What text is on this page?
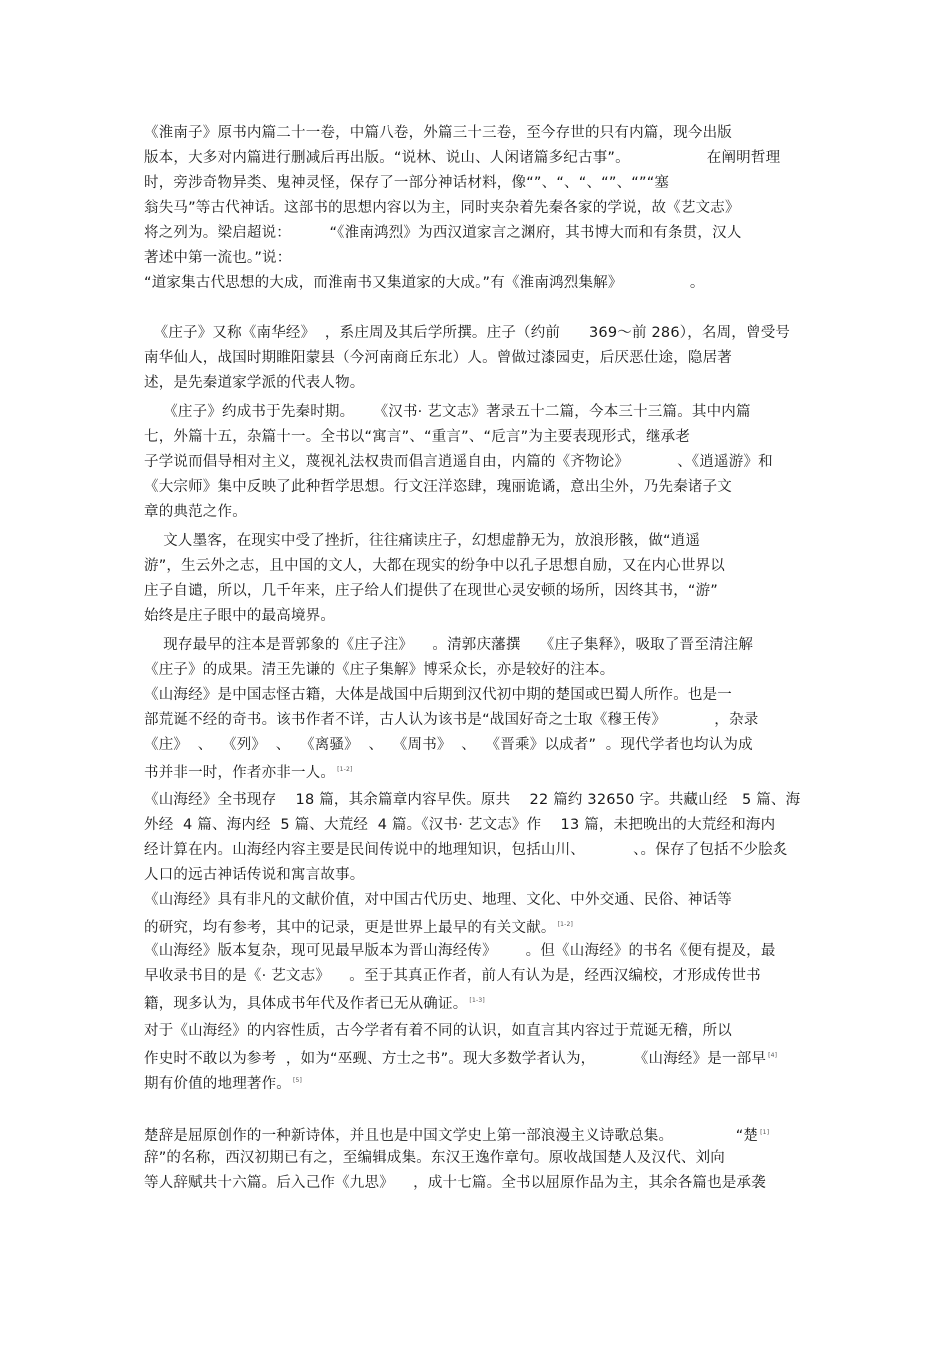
《淮南子》原书内篇二十一卷，中篇八卷，外篇三十三卷，至今存世的只有内篇，现今出版
版本，大多对内篇进行删减后再出版。“说林、说山、人闲诸篇多纪古事”。                在阐明哲理
时，旁涉奇物异类、鬼神灵怪，保存了一部分神话材料，像“”、“、“、“”、“”“塞
翁失马”等古代神话。这部书的思想内容以为主，同时夹杂着先秦各家的学说，故《艺文志》
将之列为。梁启超说：        “《淮南鸿烈》为西汉道家言之渊府，其书博大而和有条贯，汉人
著述中第一流也。”说：
“道家集古代思想的大成，而淮南书又集道家的大成。”有《淮南鸿烈集解》              。
《庄子》又称《南华经》  ，系庄周及其后学所撰。庄子（约前      369～前 286），名周，曾受号
南华仙人，战国时期睢阳蒙县（今河南商丘东北）人。曾做过漆园吏，后厌恶仕途，隐居著
述，是先秦道家学派的代表人物。
《庄子》约成书于先秦时期。    《汉书· 艺文志》著录五十二篇，今本三十三篇。其中内篇
七，外篇十五，杂篇十一。全书以“寓言”、“重言”、“卮言”为主要表现形式，继承老
子学说而倡导相对主义，蔑视礼法权贵而倡言逍遥自由，内篇的《齐物论》          、《逍遥游》和
《大宗师》集中反映了此种哲学思想。行文汪洋恣肆，瑰丽诡谲，意出尘外，乃先秦诸子文
章的典范之作。
文人墨客，在现实中受了挫折，往往痛读庄子，幻想虚静无为，放浪形骸，做“逍遥
游”，生云外之志，且中国的文人，大都在现实的纷争中以孔子思想自励，又在内心世界以
庄子自谴，所以，几千年来，庄子给人们提供了在现世心灵安顿的场所，因终其书，“游”
始终是庄子眼中的最高境界。
现存最早的注本是晋郭象的《庄子注》    。清郭庆藩撰    《庄子集释》，吸取了晋至清注解
《庄子》的成果。清王先谦的《庄子集解》博采众长，亦是较好的注本。
《山海经》是中国志怪古籍，大体是战国中后期到汉代初中期的楚国或巴蜀人所作。也是一
部荒诞不经的奇书。该书作者不详，古人认为该书是“战国好奇之士取《穆王传》          ，杂录
《庄》  、  《列》  、  《离骚》  、  《周书》  、  《晋乘》以成者”  。现代学者也均认为成
书并非一时，作者亦非一人。 [1-2]
《山海经》全书现存    18 篇，其余篇章内容早佚。原共    22 篇约 32650 字。共藏山经   5 篇、海
外经  4 篇、海内经  5 篇、大荒经  4 篇。《汉书· 艺文志》作    13 篇，未把晚出的大荒经和海内
经计算在内。山海经内容主要是民间传说中的地理知识，包括山川、          、。保存了包括不少脍炙
人口的远古神话传说和寓言故事。
《山海经》具有非凡的文献价值，对中国古代历史、地理、文化、中外交通、民俗、神话等
的研究，均有参考，其中的记录，更是世界上最早的有关文献。 [1-2]
《山海经》版本复杂，现可见最早版本为晋山海经传》      。但《山海经》的书名《便有提及，最
早收录书目的是《· 艺文志》    。至于其真正作者，前人有认为是，经西汉编校，才形成传世书
籍，现多认为，具体成书年代及作者已无从确证。 [1-3]
对于《山海经》的内容性质，古今学者有着不同的认识，如直言其内容过于荒诞无稽，所以
作史时不敢以为参考  ，如为“巫觋、方士之书”。现大多数学者认为，        《山海经》是一部早 [4]
期有价值的地理著作。 [5]
楚辞是屈原创作的一种新诗体，并且也是中国文学史上第一部浪漫主义诗歌总集。             “楚 [1]
辞”的名称，西汉初期已有之，至编辑成集。东汉王逸作章句。原收战国楚人及汉代、刘向
等人辞赋共十六篇。后入己作《九思》    ，成十七篇。全书以屈原作品为主，其余各篇也是承袭
